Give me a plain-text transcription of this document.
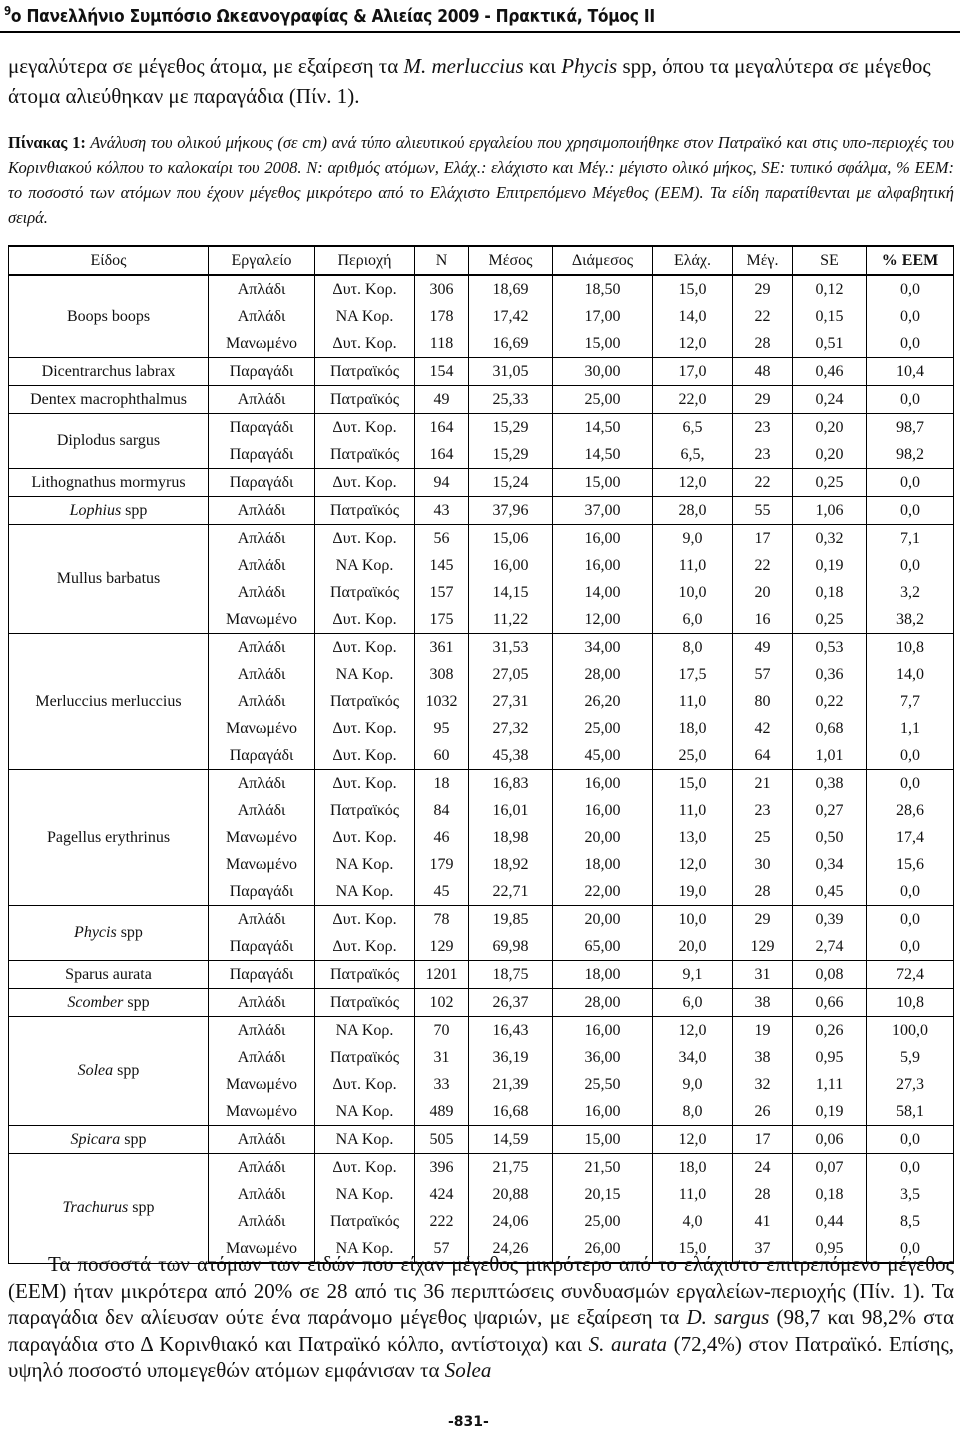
$^9$ο Πανελλήνιο Συμπόσιο Ωκεανογραφίας & Αλιείας 2009 - Πρακτικά, Τόμος II

μεγαλύτερα σε μέγεθος άτομα, με εξαίρεση τα M. merluccius και Phycis spp, όπου τα μεγαλύτερα σε μέγεθος άτομα αλιεύθηκαν με παραγάδια (Πίν. 1).

Πίνακας 1: Ανάλυση του ολικού μήκους (σε cm) ανά τύπο αλιευτικού εργαλείου που χρησιμοποιήθηκε στον Πατραϊκό και στις υπο-περιοχές του Κορινθιακού κόλπου το καλοκαίρι του 2008. N: αριθμός ατόμων, Ελάχ.: ελάχιστο και Μέγ.: μέγιστο ολικό μήκος, SE: τυπικό σφάλμα, % ΕΕΜ: το ποσοστό των ατόμων που έχουν μέγεθος μικρότερο από το Ελάχιστο Επιτρεπόμενο Μέγεθος (ΕΕΜ). Τα είδη παρατίθενται με αλφαβητική σειρά.

Είδος	Εργαλείο	Περιοχή	N	Μέσος	Διάμεσος	Ελάχ.	Μέγ.	SE	% ΕΕΜ
Boops boops	Απλάδι	Δυτ. Κορ.	306	18,69	18,50	15,0	29	0,12	0,0
	Απλάδι	ΝΑ Κορ.	178	17,42	17,00	14,0	22	0,15	0,0
	Μανωμένο	Δυτ. Κορ.	118	16,69	15,00	12,0	28	0,51	0,0
Dicentrarchus labrax	Παραγάδι	Πατραϊκός	154	31,05	30,00	17,0	48	0,46	10,4
Dentex macrophthalmus	Απλάδι	Πατραϊκός	49	25,33	25,00	22,0	29	0,24	0,0
Diplodus sargus	Παραγάδι	Δυτ. Κορ.	164	15,29	14,50	6,5	23	0,20	98,7
	Παραγάδι	Πατραϊκός	164	15,29	14,50	6,5,	23	0,20	98,2
Lithognathus mormyrus	Παραγάδι	Δυτ. Κορ.	94	15,24	15,00	12,0	22	0,25	0,0
Lophius spp	Απλάδι	Πατραϊκός	43	37,96	37,00	28,0	55	1,06	0,0
Mullus barbatus	Απλάδι	Δυτ. Κορ.	56	15,06	16,00	9,0	17	0,32	7,1
	Απλάδι	ΝΑ Κορ.	145	16,00	16,00	11,0	22	0,19	0,0
	Απλάδι	Πατραϊκός	157	14,15	14,00	10,0	20	0,18	3,2
	Μανωμένο	Δυτ. Κορ.	175	11,22	12,00	6,0	16	0,25	38,2
Merluccius merluccius	Απλάδι	Δυτ. Κορ.	361	31,53	34,00	8,0	49	0,53	10,8
	Απλάδι	ΝΑ Κορ.	308	27,05	28,00	17,5	57	0,36	14,0
	Απλάδι	Πατραϊκός	1032	27,31	26,20	11,0	80	0,22	7,7
	Μανωμένο	Δυτ. Κορ.	95	27,32	25,00	18,0	42	0,68	1,1
	Παραγάδι	Δυτ. Κορ.	60	45,38	45,00	25,0	64	1,01	0,0
Pagellus erythrinus	Απλάδι	Δυτ. Κορ.	18	16,83	16,00	15,0	21	0,38	0,0
	Απλάδι	Πατραϊκός	84	16,01	16,00	11,0	23	0,27	28,6
	Μανωμένο	Δυτ. Κορ.	46	18,98	20,00	13,0	25	0,50	17,4
	Μανωμένο	ΝΑ Κορ.	179	18,92	18,00	12,0	30	0,34	15,6
	Παραγάδι	ΝΑ Κορ.	45	22,71	22,00	19,0	28	0,45	0,0
Phycis spp	Απλάδι	Δυτ. Κορ.	78	19,85	20,00	10,0	29	0,39	0,0
	Παραγάδι	Δυτ. Κορ.	129	69,98	65,00	20,0	129	2,74	0,0
Sparus aurata	Παραγάδι	Πατραϊκός	1201	18,75	18,00	9,1	31	0,08	72,4
Scomber spp	Απλάδι	Πατραϊκός	102	26,37	28,00	6,0	38	0,66	10,8
Solea spp	Απλάδι	ΝΑ Κορ.	70	16,43	16,00	12,0	19	0,26	100,0
	Απλάδι	Πατραϊκός	31	36,19	36,00	34,0	38	0,95	5,9
	Μανωμένο	Δυτ. Κορ.	33	21,39	25,50	9,0	32	1,11	27,3
	Μανωμένο	ΝΑ Κορ.	489	16,68	16,00	8,0	26	0,19	58,1
Spicara spp	Απλάδι	ΝΑ Κορ.	505	14,59	15,00	12,0	17	0,06	0,0
Trachurus spp	Απλάδι	Δυτ. Κορ.	396	21,75	21,50	18,0	24	0,07	0,0
	Απλάδι	ΝΑ Κορ.	424	20,88	20,15	11,0	28	0,18	3,5
	Απλάδι	Πατραϊκός	222	24,06	25,00	4,0	41	0,44	8,5
	Μανωμένο	ΝΑ Κορ.	57	24,26	26,00	15,0	37	0,95	0,0

Τα ποσοστά των ατόμων των ειδών που είχαν μέγεθος μικρότερο από το ελάχιστο επιτρεπόμενο μέγεθος (ΕΕΜ) ήταν μικρότερα από 20% σε 28 από τις 36 περιπτώσεις συνδυασμών εργαλείων-περιοχής (Πίν. 1). Τα παραγάδια δεν αλίευσαν ούτε ένα παράνομο μέγεθος ψαριών, με εξαίρεση τα D. sargus (98,7 και 98,2% στα παραγάδια στο Δ Κορινθιακό και Πατραϊκό κόλπο, αντίστοιχα) και S. aurata (72,4%) στον Πατραϊκό. Επίσης, υψηλό ποσοστό υπομεγεθών ατόμων εμφάνισαν τα Solea

-831-
